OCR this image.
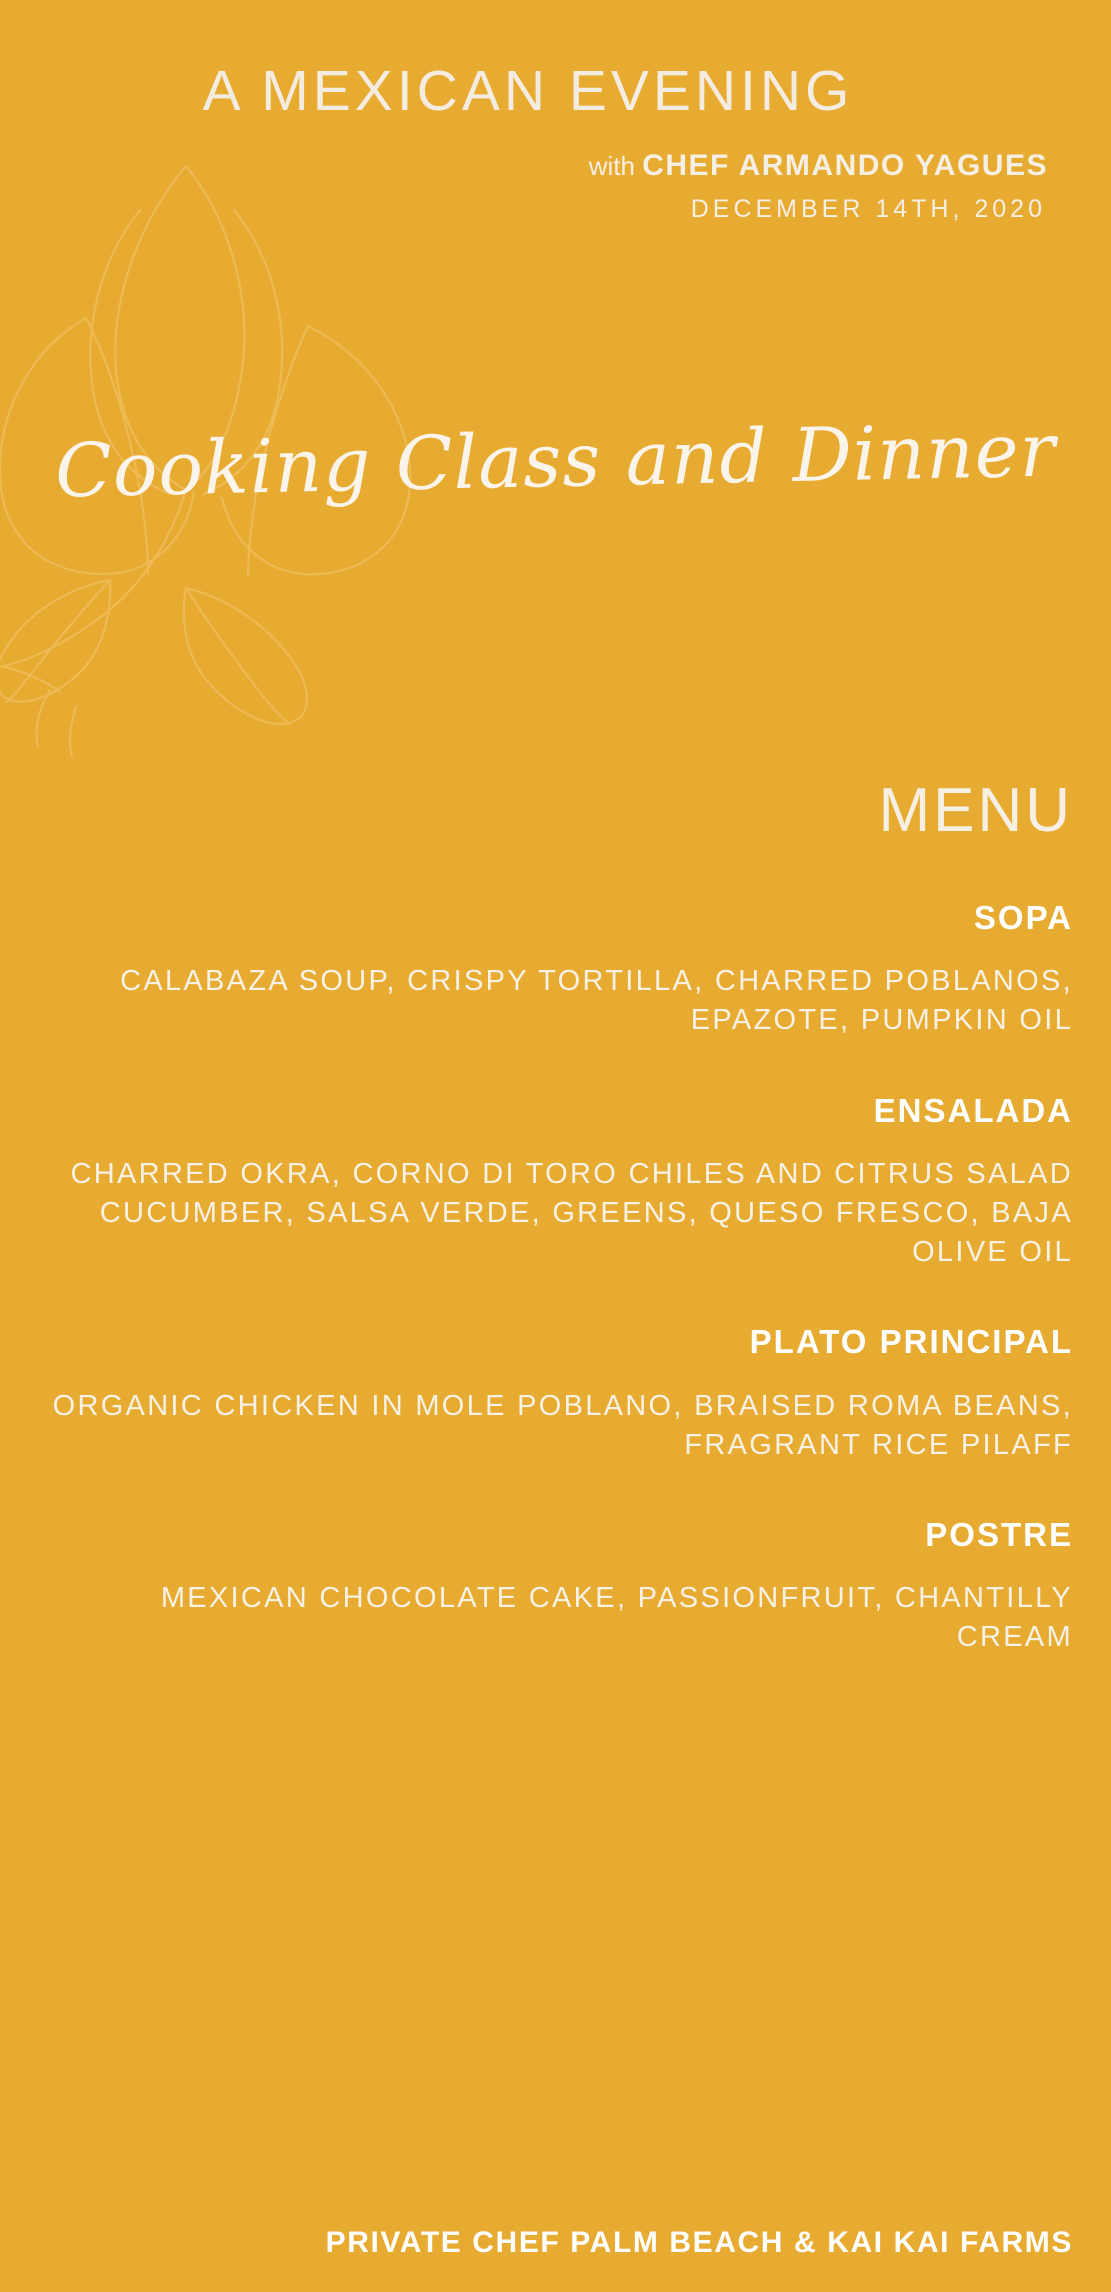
A MEXICAN EVENING
with CHEF ARMANDO YAGUES
DECEMBER 14TH, 2020
Cooking Class and Dinner
MENU

SOPA

CALABAZA SOUP, CRISPY TORTILLA, CHARRED POBLANOS, EPAZOTE, PUMPKIN OIL

ENSALADA

CHARRED OKRA, CORNO DI TORO CHILES AND CITRUS SALAD CUCUMBER, SALSA VERDE, GREENS, QUESO FRESCO, BAJA OLIVE OIL

PLATO PRINCIPAL

ORGANIC CHICKEN IN MOLE POBLANO, BRAISED ROMA BEANS, FRAGRANT RICE PILAFF

POSTRE

MEXICAN CHOCOLATE CAKE, PASSIONFRUIT, CHANTILLY CREAM

PRIVATE CHEF PALM BEACH & KAI KAI FARMS
